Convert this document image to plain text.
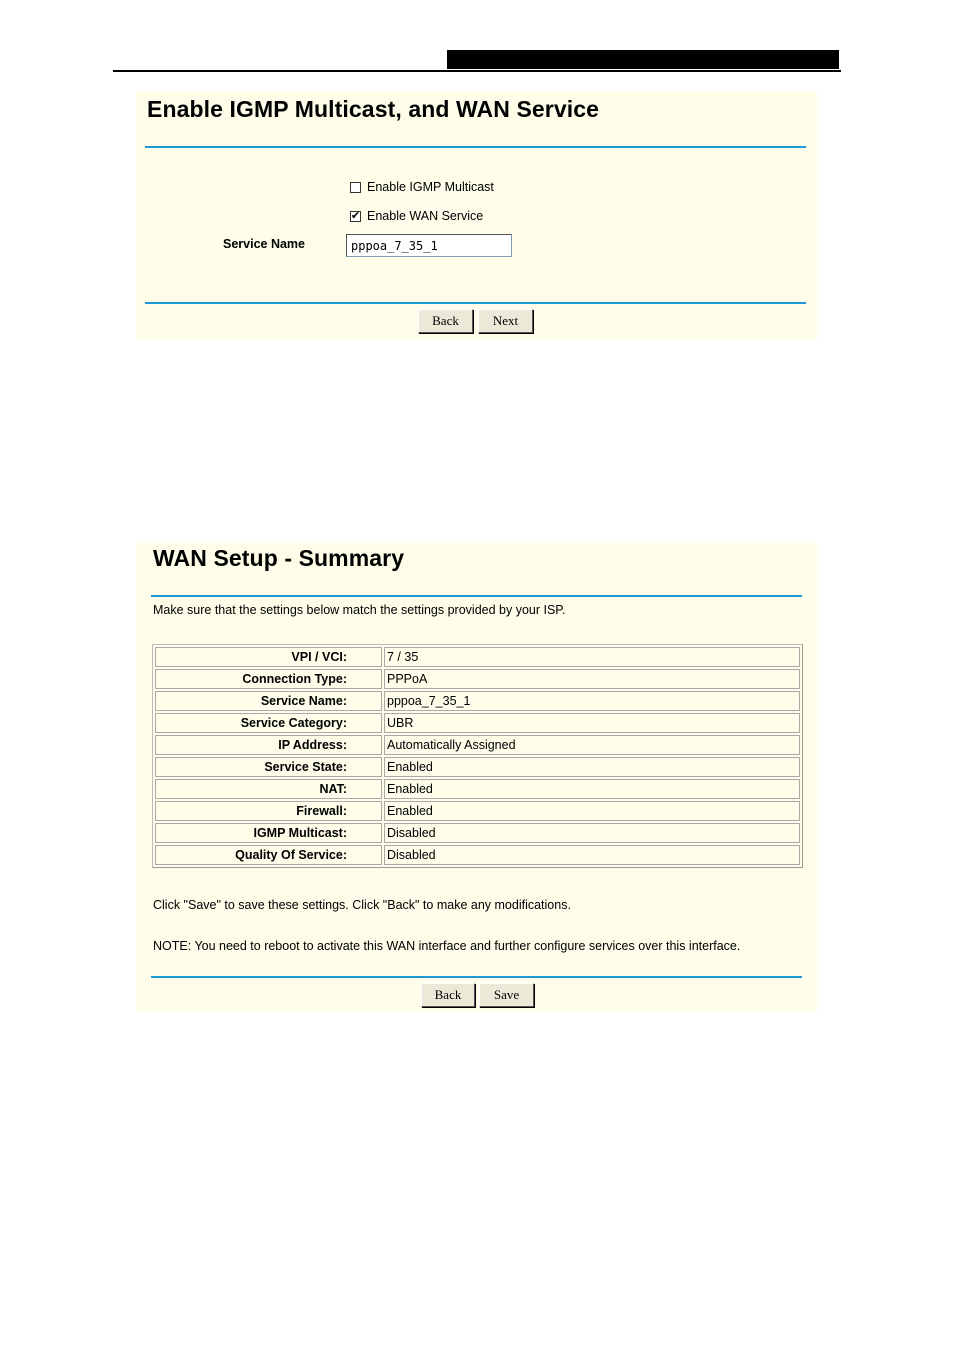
Enable IGMP Multicast, and WAN Service
Enable IGMP Multicast
✔ Enable WAN Service
Service Name
pppoa_7_35_1
Back	Next
WAN Setup - Summary
Make sure that the settings below match the settings provided by your ISP.
VPI / VCI:	7 / 35
Connection Type:	PPPoA
Service Name:	pppoa_7_35_1
Service Category:	UBR
IP Address:	Automatically Assigned
Service State:	Enabled
NAT:	Enabled
Firewall:	Enabled
IGMP Multicast:	Disabled
Quality Of Service:	Disabled
Click "Save" to save these settings. Click "Back" to make any modifications.
NOTE: You need to reboot to activate this WAN interface and further configure services over this interface.
Back	Save
